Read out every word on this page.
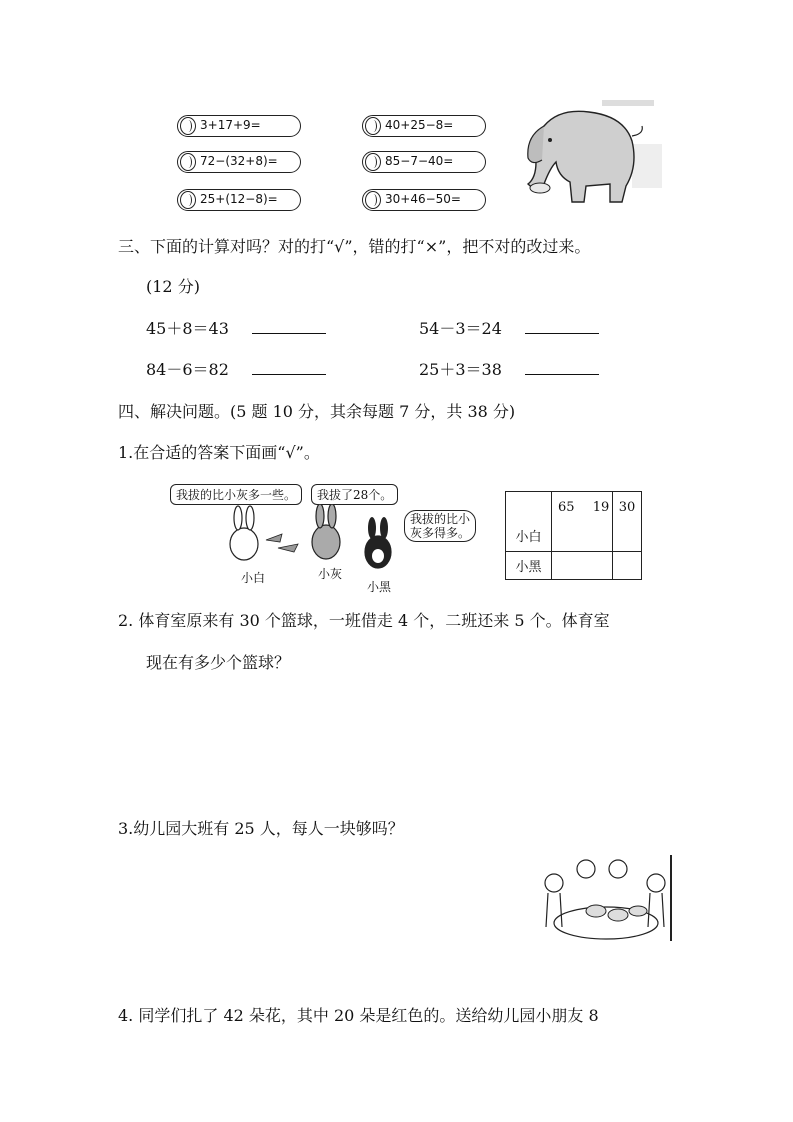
3+17+9=	40+25−8=
72−(32+8)=	85−7−40=
25+(12−8)=	30+46−50=
三、下面的计算对吗？对的打“√”，错的打“×”，把不对的改过来。
(12 分)
45＋8＝43	54－3＝24
84－6＝82	25＋3＝38
四、解决问题。(5 题 10 分，其余每题 7 分，共 38 分)
1.在合适的答案下面画“√”。
我拔的比小灰多一些。	我拔了28个。
我拔的比小
灰多得多。
小白	小灰
小黑
小白	65 19	30
小黑		
2. 体育室原来有 30 个篮球，一班借走 4 个，二班还来 5 个。体育室
现在有多少个篮球？
3.幼儿园大班有 25 人，每人一块够吗？
4. 同学们扎了 42 朵花，其中 20 朵是红色的。送给幼儿园小朋友 8
